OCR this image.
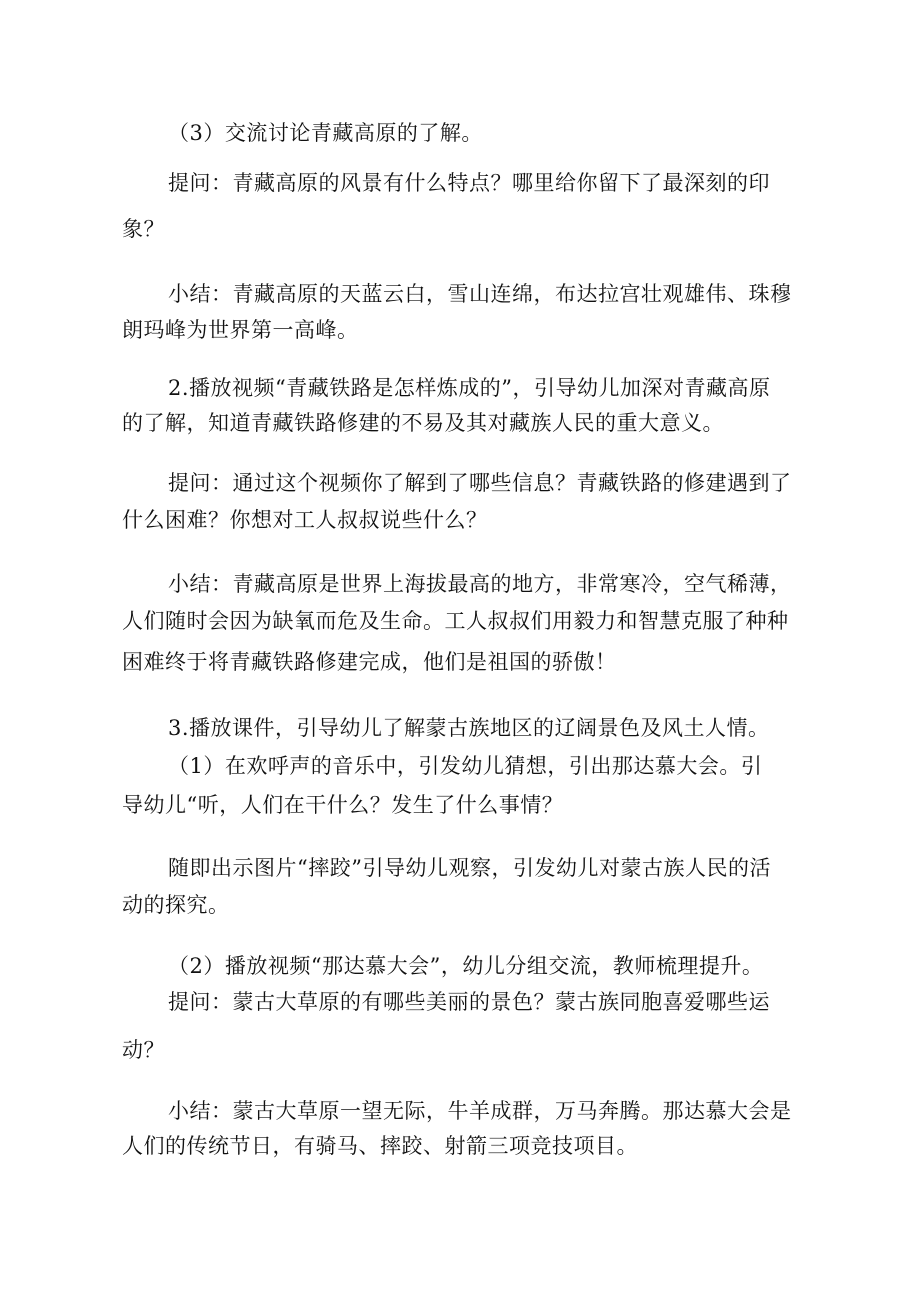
（3）交流讨论青藏高原的了解。
提问：青藏高原的风景有什么特点？哪里给你留下了最深刻的印
象？
小结：青藏高原的天蓝云白，雪山连绵，布达拉宫壮观雄伟、珠穆
朗玛峰为世界第一高峰。
2.播放视频“青藏铁路是怎样炼成的”，引导幼儿加深对青藏高原
的了解，知道青藏铁路修建的不易及其对藏族人民的重大意义。
提问：通过这个视频你了解到了哪些信息？青藏铁路的修建遇到了
什么困难？你想对工人叔叔说些什么？
小结：青藏高原是世界上海拔最高的地方，非常寒冷，空气稀薄，
人们随时会因为缺氧而危及生命。工人叔叔们用毅力和智慧克服了种种
困难终于将青藏铁路修建完成，他们是祖国的骄傲！
3.播放课件，引导幼儿了解蒙古族地区的辽阔景色及风土人情。
（1）在欢呼声的音乐中，引发幼儿猜想，引出那达慕大会。引
导幼儿“听，人们在干什么？发生了什么事情？
随即出示图片“摔跤”引导幼儿观察，引发幼儿对蒙古族人民的活
动的探究。
（2）播放视频“那达慕大会”，幼儿分组交流，教师梳理提升。
提问：蒙古大草原的有哪些美丽的景色？蒙古族同胞喜爱哪些运
动？
小结：蒙古大草原一望无际，牛羊成群，万马奔腾。那达慕大会是
人们的传统节日，有骑马、摔跤、射箭三项竞技项目。
